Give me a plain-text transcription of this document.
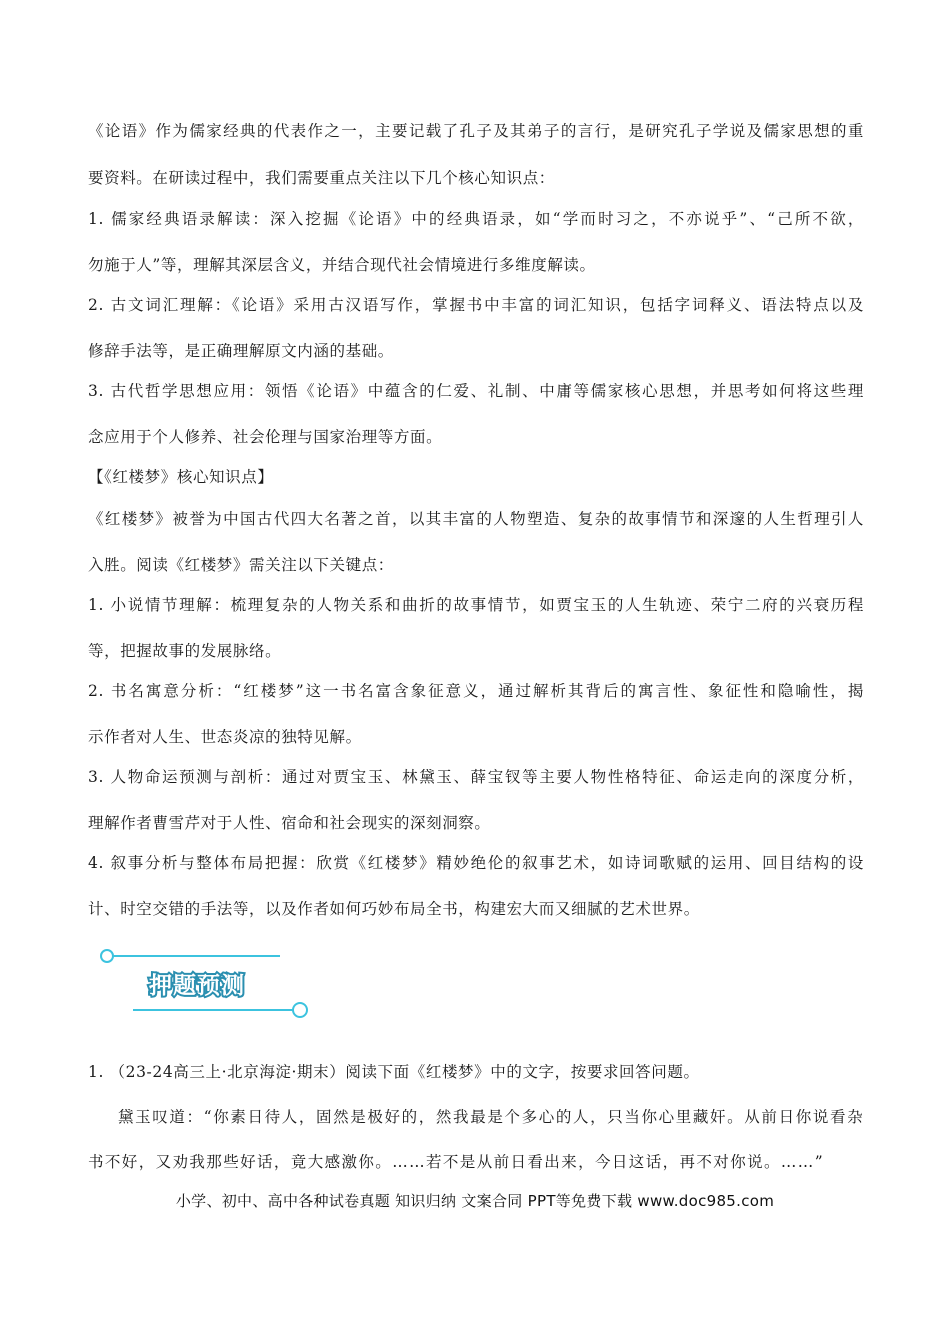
《论语》作为儒家经典的代表作之一，主要记载了孔子及其弟子的言行，是研究孔子学说及儒家思想的重

要资料。在研读过程中，我们需要重点关注以下几个核心知识点：

1. 儒家经典语录解读：深入挖掘《论语》中的经典语录，如“学而时习之，不亦说乎”、“己所不欲，

勿施于人”等，理解其深层含义，并结合现代社会情境进行多维度解读。

2. 古文词汇理解：《论语》采用古汉语写作，掌握书中丰富的词汇知识，包括字词释义、语法特点以及

修辞手法等，是正确理解原文内涵的基础。

3. 古代哲学思想应用：领悟《论语》中蕴含的仁爱、礼制、中庸等儒家核心思想，并思考如何将这些理

念应用于个人修养、社会伦理与国家治理等方面。

【《红楼梦》核心知识点】

《红楼梦》被誉为中国古代四大名著之首，以其丰富的人物塑造、复杂的故事情节和深邃的人生哲理引人

入胜。阅读《红楼梦》需关注以下关键点：

1. 小说情节理解：梳理复杂的人物关系和曲折的故事情节，如贾宝玉的人生轨迹、荣宁二府的兴衰历程

等，把握故事的发展脉络。

2. 书名寓意分析：“红楼梦”这一书名富含象征意义，通过解析其背后的寓言性、象征性和隐喻性，揭

示作者对人生、世态炎凉的独特见解。

3. 人物命运预测与剖析：通过对贾宝玉、林黛玉、薛宝钗等主要人物性格特征、命运走向的深度分析，

理解作者曹雪芹对于人性、宿命和社会现实的深刻洞察。

4. 叙事分析与整体布局把握：欣赏《红楼梦》精妙绝伦的叙事艺术，如诗词歌赋的运用、回目结构的设

计、时空交错的手法等，以及作者如何巧妙布局全书，构建宏大而又细腻的艺术世界。

押题预测

1. （23-24高三上·北京海淀·期末）阅读下面《红楼梦》中的文字，按要求回答问题。

黛玉叹道：“你素日待人，固然是极好的，然我最是个多心的人，只当你心里藏奸。从前日你说看杂

书不好，又劝我那些好话，竟大感激你。……若不是从前日看出来，今日这话，再不对你说。……”

小学、初中、高中各种试卷真题 知识归纳 文案合同 PPT等免费下载 www.doc985.com
